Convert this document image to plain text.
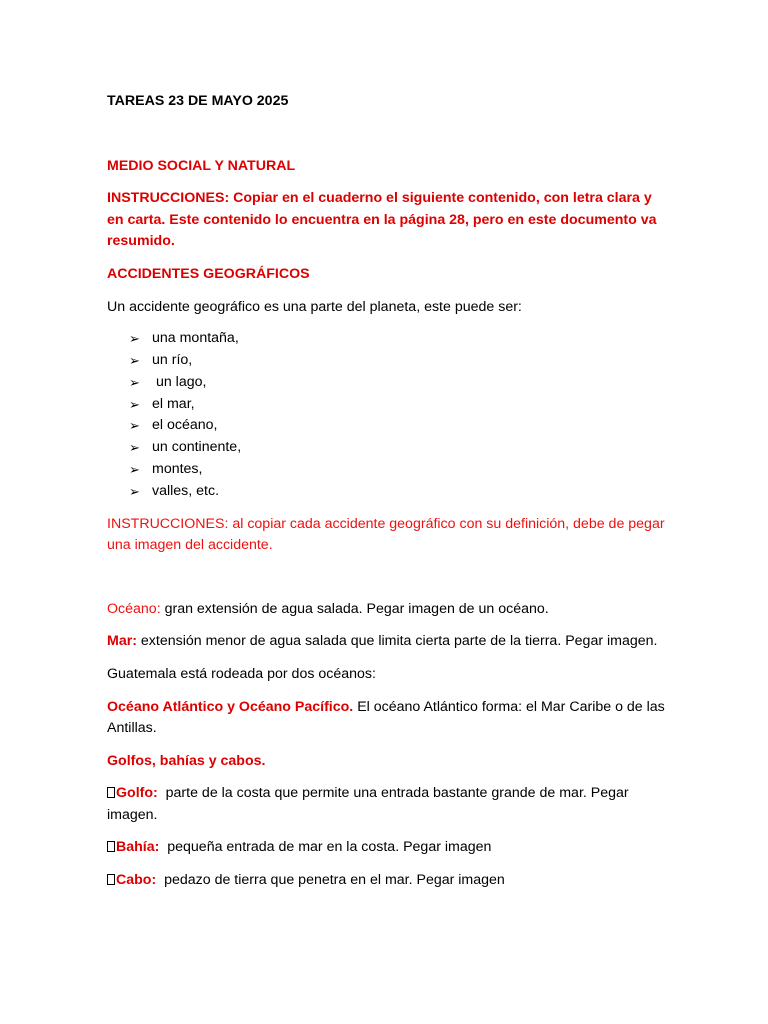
TAREAS 23 DE MAYO 2025

MEDIO SOCIAL Y NATURAL

INSTRUCCIONES: Copiar en el cuaderno el siguiente contenido, con letra clara y en carta. Este contenido lo encuentra en la página 28, pero en este documento va resumido.

ACCIDENTES GEOGRÁFICOS

Un accidente geográfico es una parte del planeta, este puede ser:

➢ una montaña,
➢ un río,
➢ un lago,
➢ el mar,
➢ el océano,
➢ un continente,
➢ montes,
➢ valles, etc.

INSTRUCCIONES: al copiar cada accidente geográfico con su definición, debe de pegar una imagen del accidente.

Océano: gran extensión de agua salada. Pegar imagen de un océano.

Mar: extensión menor de agua salada que limita cierta parte de la tierra. Pegar imagen.

Guatemala está rodeada por dos océanos:

Océano Atlántico y Océano Pacífico. El océano Atlántico forma: el Mar Caribe o de las Antillas.

Golfos, bahías y cabos.

Golfo:  parte de la costa que permite una entrada bastante grande de mar. Pegar imagen.

Bahía:  pequeña entrada de mar en la costa. Pegar imagen

Cabo:  pedazo de tierra que penetra en el mar. Pegar imagen
